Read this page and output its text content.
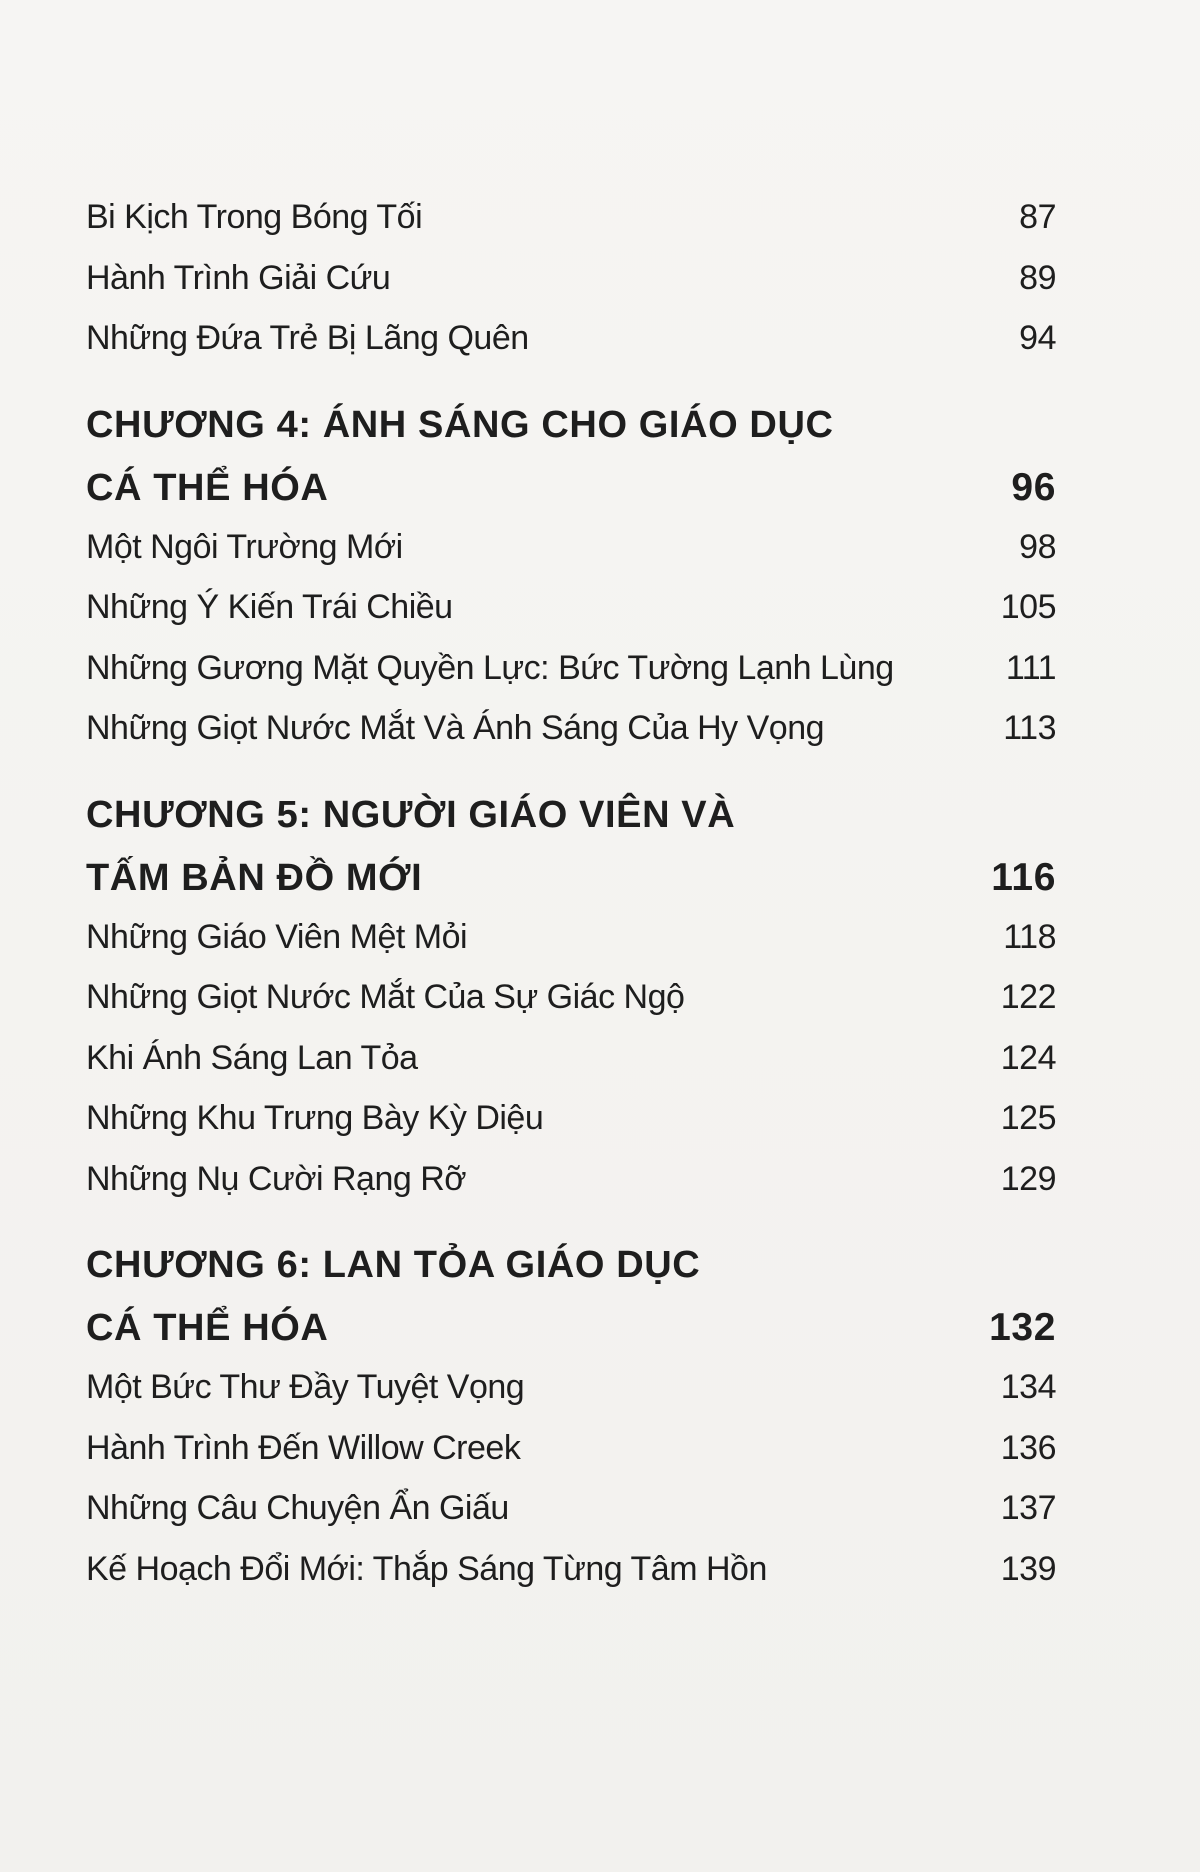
Bi Kịch Trong Bóng Tối	87
Hành Trình Giải Cứu	89
Những Đứa Trẻ Bị Lãng Quên	94
CHƯƠNG 4: ÁNH SÁNG CHO GIÁO DỤC
CÁ THỂ HÓA	96
Một Ngôi Trường Mới	98
Những Ý Kiến Trái Chiều	105
Những Gương Mặt Quyền Lực: Bức Tường Lạnh Lùng	111
Những Giọt Nước Mắt Và Ánh Sáng Của Hy Vọng	113
CHƯƠNG 5: NGƯỜI GIÁO VIÊN VÀ
TẤM BẢN ĐỒ MỚI	116
Những Giáo Viên Mệt Mỏi	118
Những Giọt Nước Mắt Của Sự Giác Ngộ	122
Khi Ánh Sáng Lan Tỏa	124
Những Khu Trưng Bày Kỳ Diệu	125
Những Nụ Cười Rạng Rỡ	129
CHƯƠNG 6: LAN TỎA GIÁO DỤC
CÁ THỂ HÓA	132
Một Bức Thư Đầy Tuyệt Vọng	134
Hành Trình Đến Willow Creek	136
Những Câu Chuyện Ẩn Giấu	137
Kế Hoạch Đổi Mới: Thắp Sáng Từng Tâm Hồn	139
